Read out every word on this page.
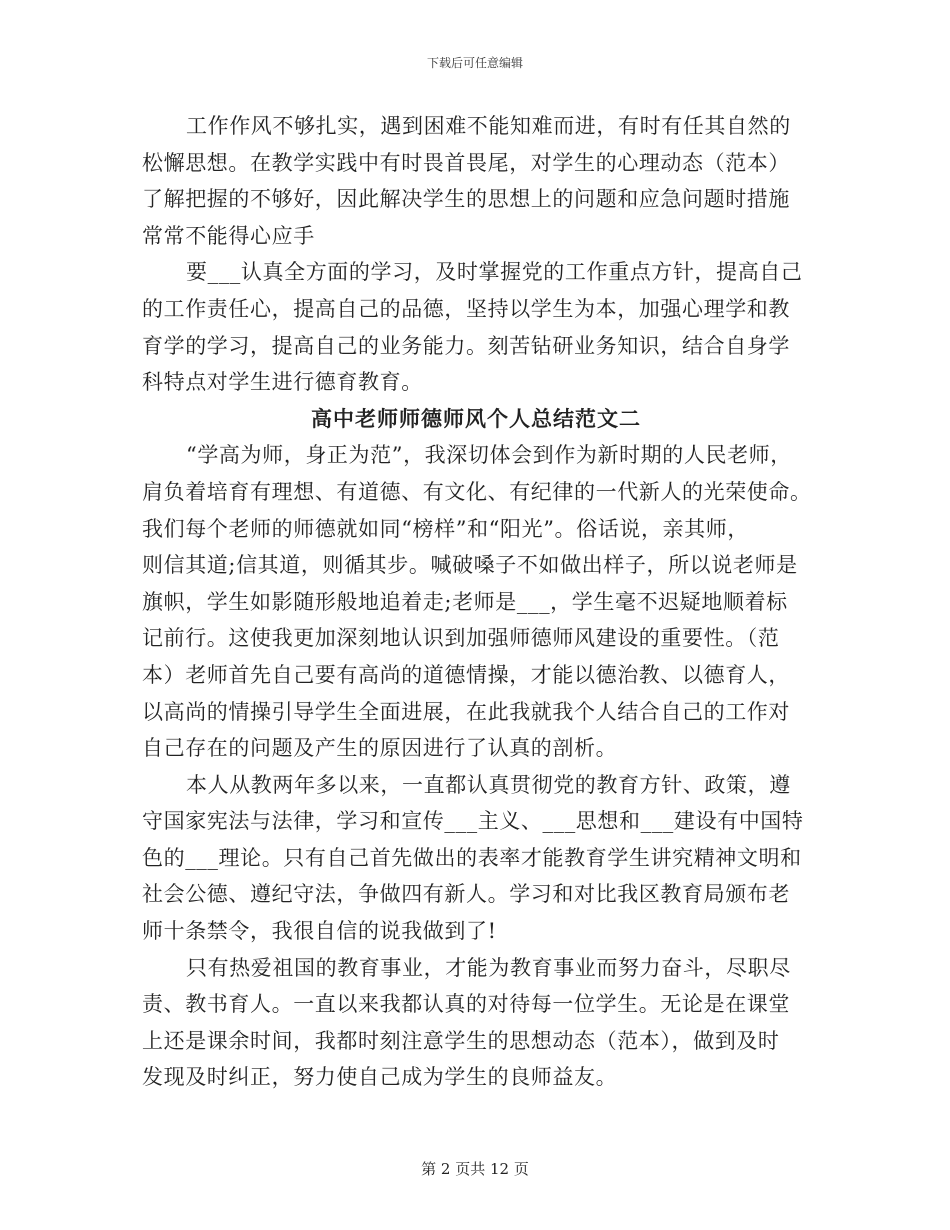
下载后可任意编辑
工作作风不够扎实，遇到困难不能知难而进，有时有任其自然的
松懈思想。在教学实践中有时畏首畏尾，对学生的心理动态（范本）
了解把握的不够好，因此解决学生的思想上的问题和应急问题时措施
常常不能得心应手
要___认真全方面的学习，及时掌握党的工作重点方针，提高自己
的工作责任心，提高自己的品德，坚持以学生为本，加强心理学和教
育学的学习，提高自己的业务能力。刻苦钻研业务知识，结合自身学
科特点对学生进行德育教育。
高中老师师德师风个人总结范文二
“学高为师，身正为范”，我深切体会到作为新时期的人民老师，
肩负着培育有理想、有道德、有文化、有纪律的一代新人的光荣使命。
我们每个老师的师德就如同“榜样”和“阳光”。俗话说，亲其师，
则信其道;信其道，则循其步。喊破嗓子不如做出样子，所以说老师是
旗帜，学生如影随形般地追着走;老师是___，学生毫不迟疑地顺着标
记前行。这使我更加深刻地认识到加强师德师风建设的重要性。（范
本）老师首先自己要有高尚的道德情操，才能以德治教、以德育人，
以高尚的情操引导学生全面进展，在此我就我个人结合自己的工作对
自己存在的问题及产生的原因进行了认真的剖析。
本人从教两年多以来，一直都认真贯彻党的教育方针、政策，遵
守国家宪法与法律，学习和宣传___主义、___思想和___建设有中国特
色的___理论。只有自己首先做出的表率才能教育学生讲究精神文明和
社会公德、遵纪守法，争做四有新人。学习和对比我区教育局颁布老
师十条禁令，我很自信的说我做到了!
只有热爱祖国的教育事业，才能为教育事业而努力奋斗，尽职尽
责、教书育人。一直以来我都认真的对待每一位学生。无论是在课堂
上还是课余时间，我都时刻注意学生的思想动态（范本），做到及时
发现及时纠正，努力使自己成为学生的良师益友。
第 2 页共 12 页
